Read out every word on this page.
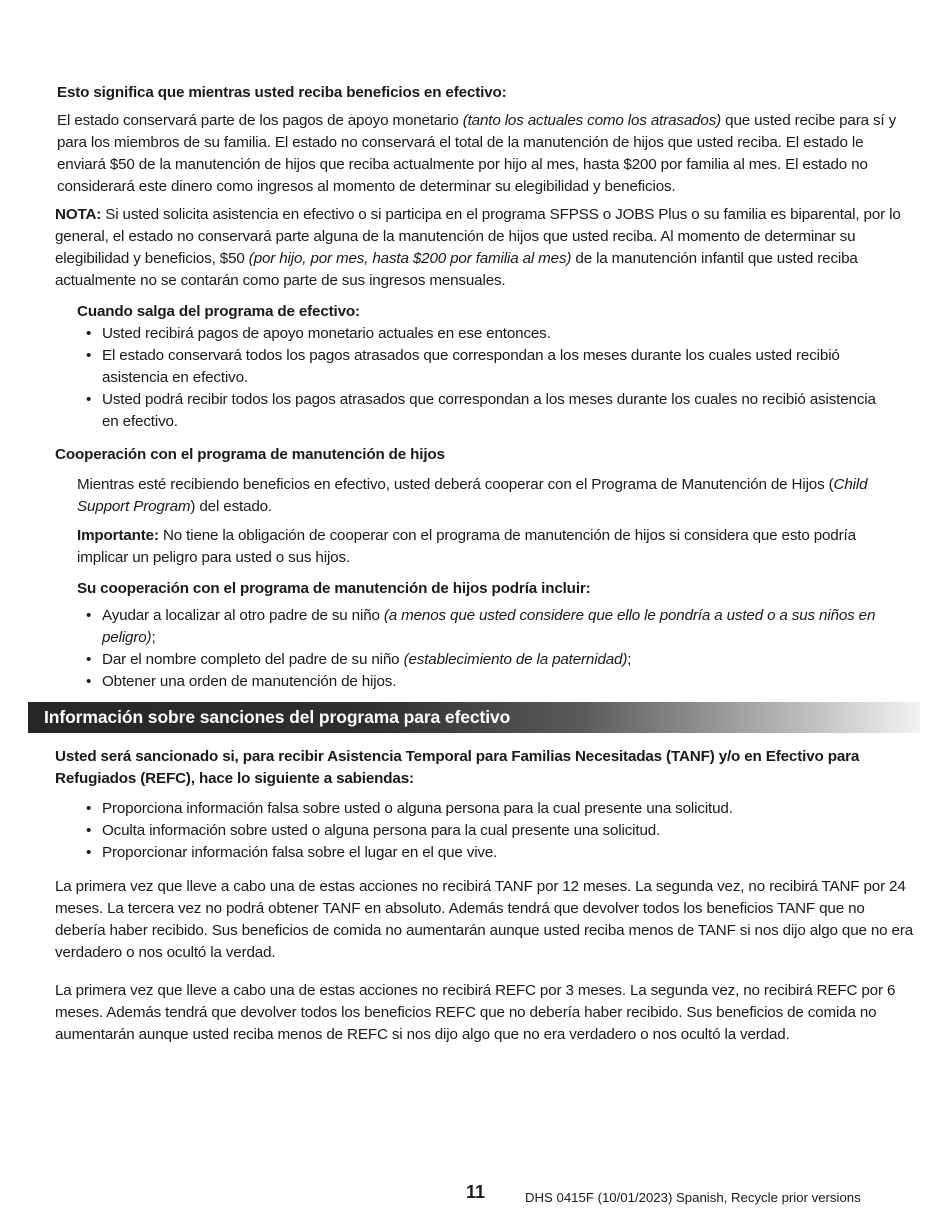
Esto significa que mientras usted reciba beneficios en efectivo:

El estado conservará parte de los pagos de apoyo monetario (tanto los actuales como los atrasados) que usted recibe para sí y para los miembros de su familia. El estado no conservará el total de la manutención de hijos que usted reciba. El estado le enviará $50 de la manutención de hijos que reciba actualmente por hijo al mes, hasta $200 por familia al mes. El estado no considerará este dinero como ingresos al momento de determinar su elegibilidad y beneficios.

NOTA: Si usted solicita asistencia en efectivo o si participa en el programa SFPSS o JOBS Plus o su familia es biparental, por lo general, el estado no conservará parte alguna de la manutención de hijos que usted reciba. Al momento de determinar su elegibilidad y beneficios, $50 (por hijo, por mes, hasta $200 por familia al mes) de la manutención infantil que usted reciba actualmente no se contarán como parte de sus ingresos mensuales.

Cuando salga del programa de efectivo:

• Usted recibirá pagos de apoyo monetario actuales en ese entonces.
• El estado conservará todos los pagos atrasados que correspondan a los meses durante los cuales usted recibió asistencia en efectivo.
• Usted podrá recibir todos los pagos atrasados que correspondan a los meses durante los cuales no recibió asistencia en efectivo.

Cooperación con el programa de manutención de hijos

Mientras esté recibiendo beneficios en efectivo, usted deberá cooperar con el Programa de Manutención de Hijos (Child Support Program) del estado.

Importante: No tiene la obligación de cooperar con el programa de manutención de hijos si considera que esto podría implicar un peligro para usted o sus hijos.

Su cooperación con el programa de manutención de hijos podría incluir:

• Ayudar a localizar al otro padre de su niño (a menos que usted considere que ello le pondría a usted o a sus niños en peligro);
• Dar el nombre completo del padre de su niño (establecimiento de la paternidad);
• Obtener una orden de manutención de hijos.
Información sobre sanciones del programa para efectivo

Usted será sancionado si, para recibir Asistencia Temporal para Familias Necesitadas (TANF) y/o en Efectivo para Refugiados (REFC), hace lo siguiente a sabiendas:

• Proporciona información falsa sobre usted o alguna persona para la cual presente una solicitud.
• Oculta información sobre usted o alguna persona para la cual presente una solicitud.
• Proporcionar información falsa sobre el lugar en el que vive.

La primera vez que lleve a cabo una de estas acciones no recibirá TANF por 12 meses. La segunda vez, no recibirá TANF por 24 meses. La tercera vez no podrá obtener TANF en absoluto. Además tendrá que devolver todos los beneficios TANF que no debería haber recibido. Sus beneficios de comida no aumentarán aunque usted reciba menos de TANF si nos dijo algo que no era verdadero o nos ocultó la verdad.

La primera vez que lleve a cabo una de estas acciones no recibirá REFC por 3 meses. La segunda vez, no recibirá REFC por 6 meses. Además tendrá que devolver todos los beneficios REFC que no debería haber recibido. Sus beneficios de comida no aumentarán aunque usted reciba menos de REFC si nos dijo algo que no era verdadero o nos ocultó la verdad.

11	DHS 0415F (10/01/2023) Spanish, Recycle prior versions
